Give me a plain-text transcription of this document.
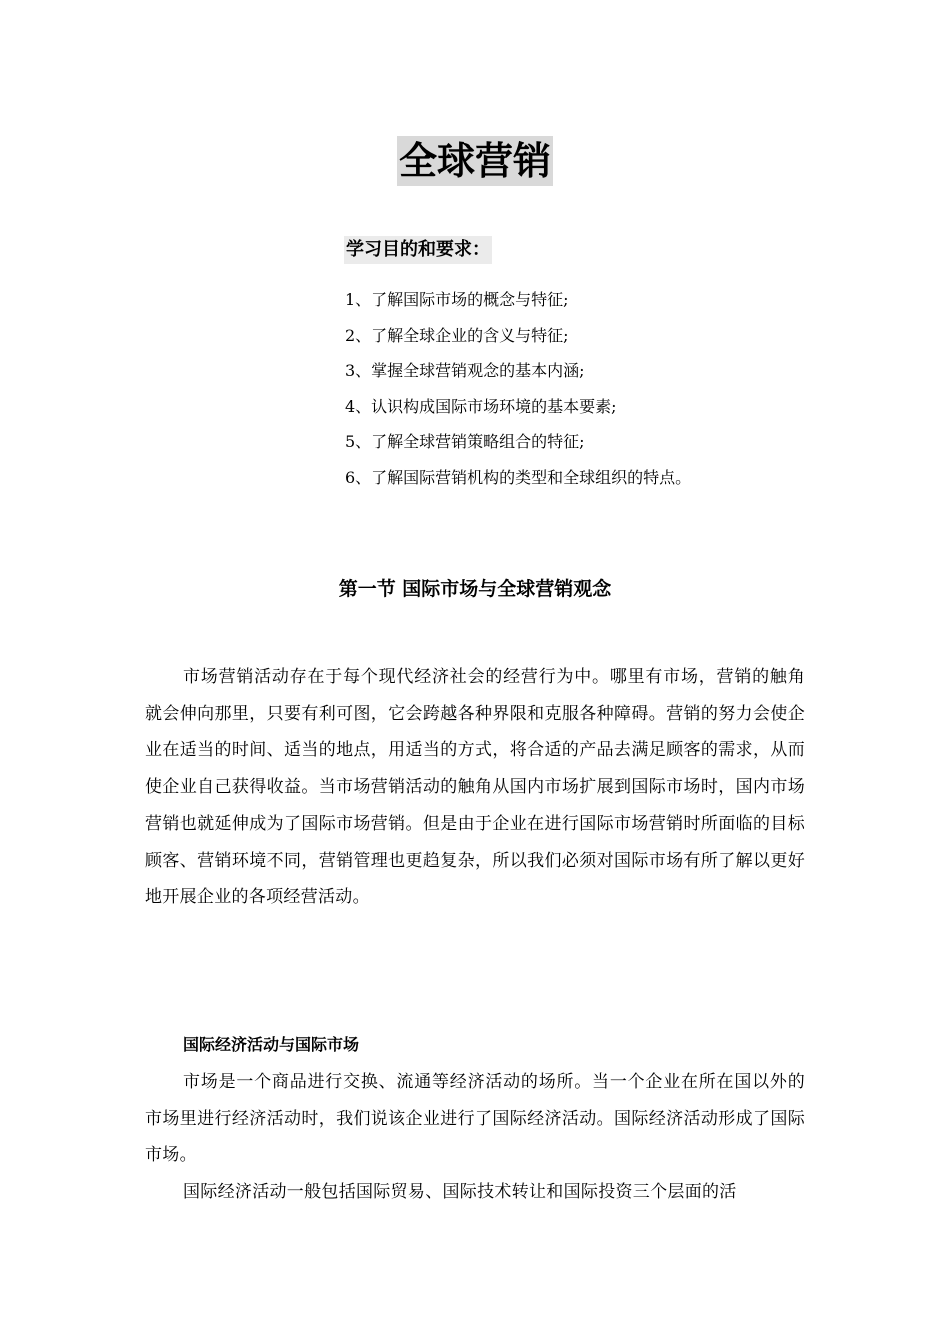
全球营销
学习目的和要求：
1、了解国际市场的概念与特征;
2、了解全球企业的含义与特征;
3、掌握全球营销观念的基本内涵;
4、认识构成国际市场环境的基本要素;
5、了解全球营销策略组合的特征;
6、了解国际营销机构的类型和全球组织的特点。
第一节 国际市场与全球营销观念

市场营销活动存在于每个现代经济社会的经营行为中。哪里有市场，营销的触角就会伸向那里，只要有利可图，它会跨越各种界限和克服各种障碍。营销的努力会使企业在适当的时间、适当的地点，用适当的方式，将合适的产品去满足顾客的需求，从而使企业自己获得收益。当市场营销活动的触角从国内市场扩展到国际市场时，国内市场营销也就延伸成为了国际市场营销。但是由于企业在进行国际市场营销时所面临的目标顾客、营销环境不同，营销管理也更趋复杂，所以我们必须对国际市场有所了解以更好地开展企业的各项经营活动。

国际经济活动与国际市场

市场是一个商品进行交换、流通等经济活动的场所。当一个企业在所在国以外的市场里进行经济活动时，我们说该企业进行了国际经济活动。国际经济活动形成了国际市场。

国际经济活动一般包括国际贸易、国际技术转让和国际投资三个层面的活
